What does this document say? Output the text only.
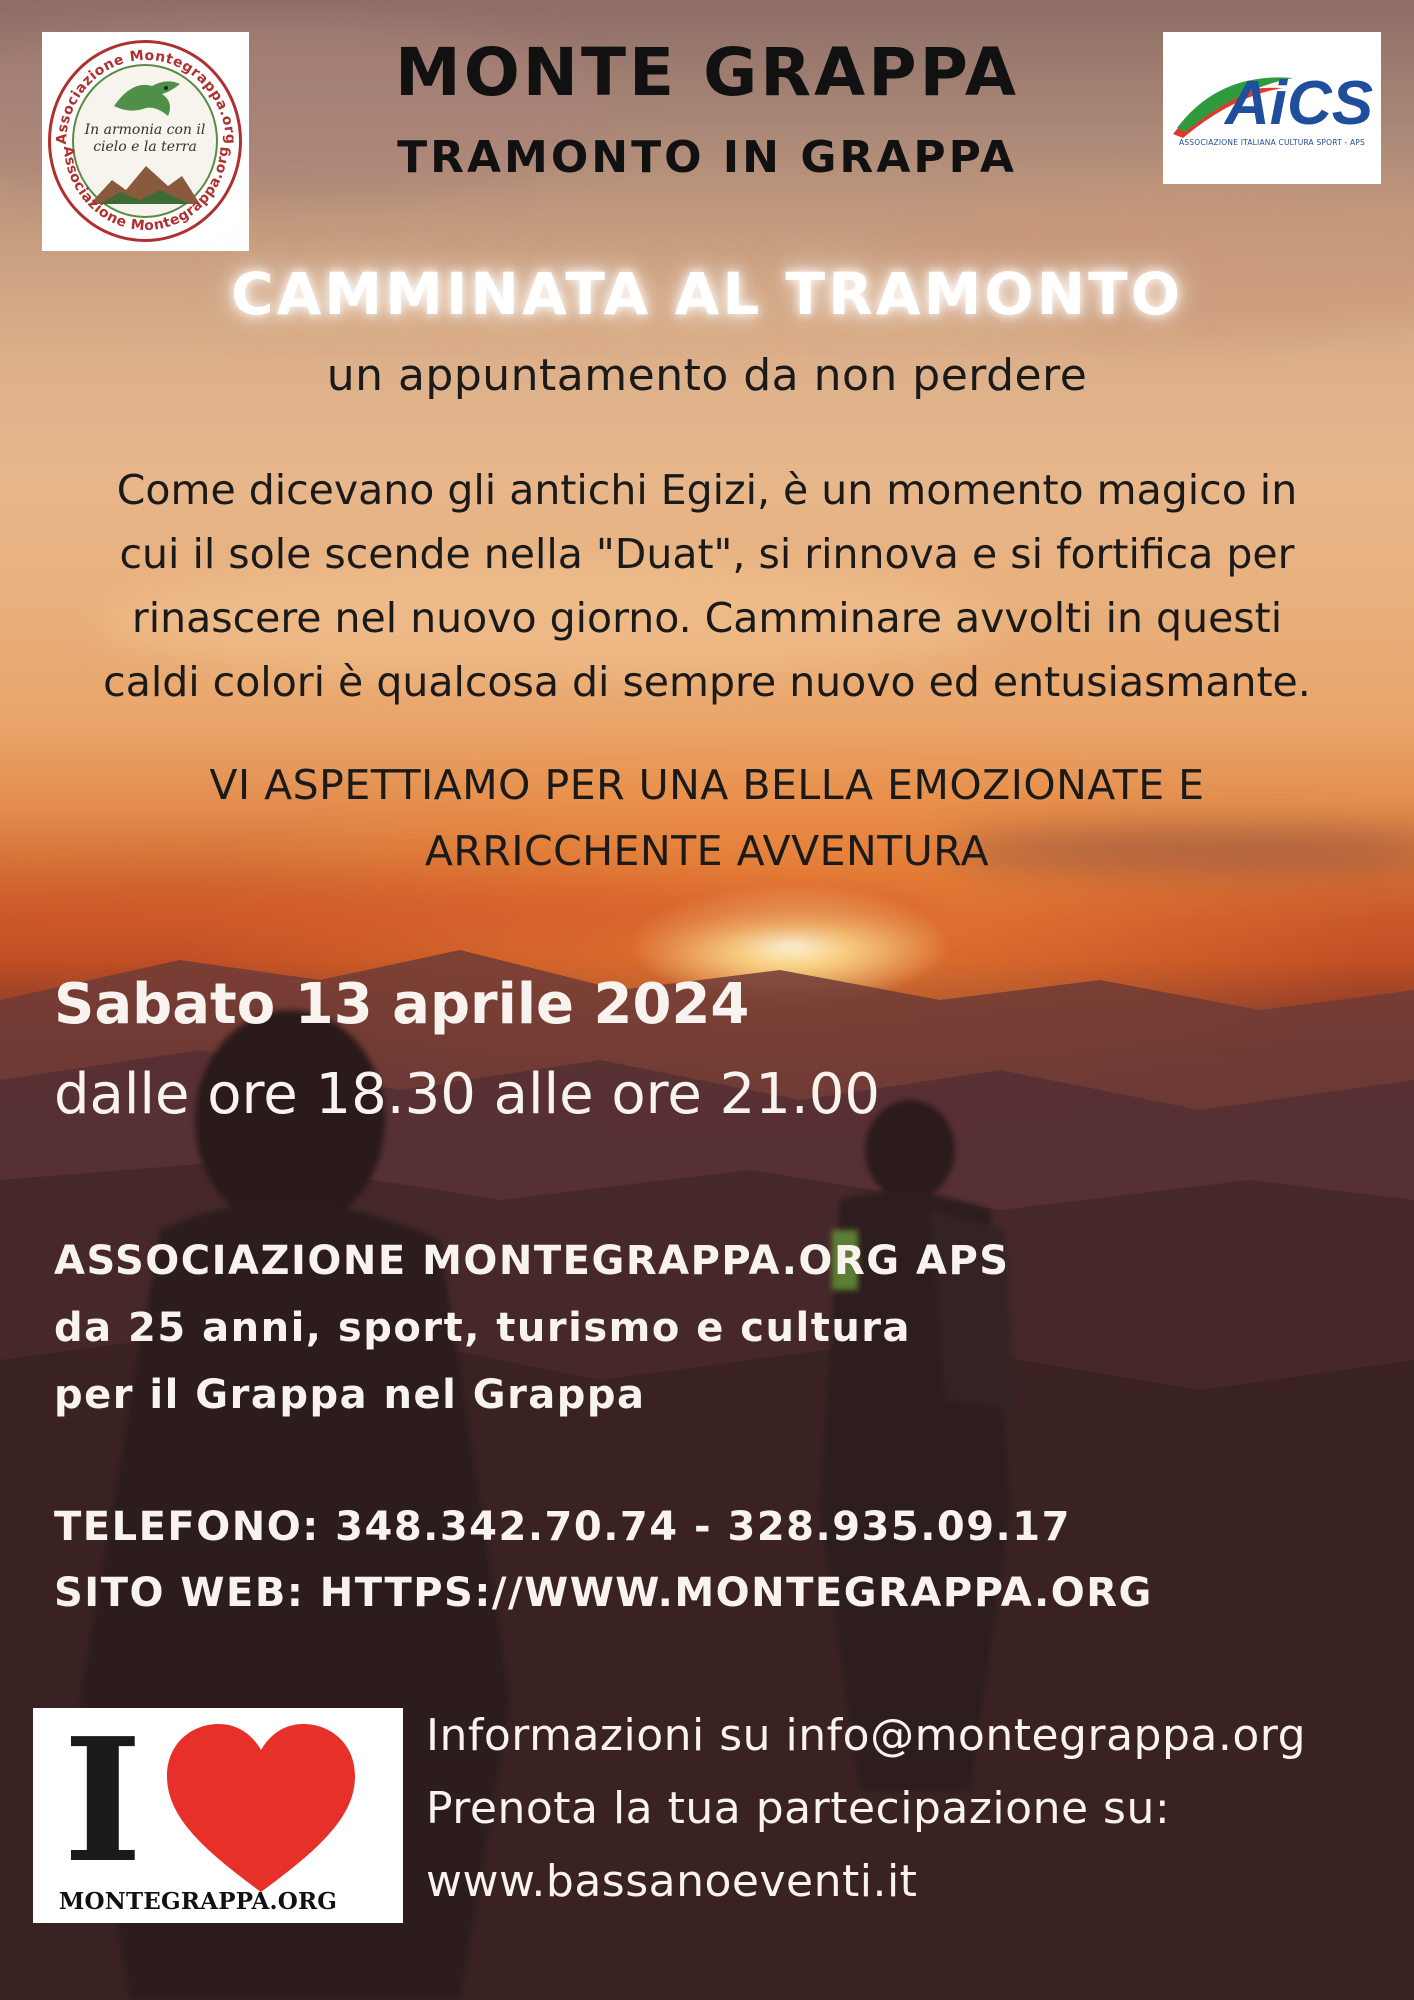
In armonia con il
cielo e la terra
Associazione Montegrappa.org
Associazione Montegrappa.org
AiCS
ASSOCIAZIONE ITALIANA CULTURA SPORT - APS
MONTE GRAPPA
TRAMONTO IN GRAPPA
CAMMINATA AL TRAMONTO
un appuntamento da non perdere
Come dicevano gli antichi Egizi, è un momento magico in
cui il sole scende nella "Duat", si rinnova e si fortifica per
rinascere nel nuovo giorno. Camminare avvolti in questi
caldi colori è qualcosa di sempre nuovo ed entusiasmante.
VI ASPETTIAMO PER UNA BELLA EMOZIONATE E
ARRICCHENTE AVVENTURA
Sabato 13 aprile 2024
dalle ore 18.30 alle ore 21.00
ASSOCIAZIONE MONTEGRAPPA.ORG APS
da 25 anni, sport, turismo e cultura
per il Grappa nel Grappa
TELEFONO: 348.342.70.74 - 328.935.09.17
SITO WEB: HTTPS://WWW.MONTEGRAPPA.ORG
I
MONTEGRAPPA.ORG
Informazioni su info@montegrappa.org
Prenota la tua partecipazione su:
www.bassanoeventi.it
